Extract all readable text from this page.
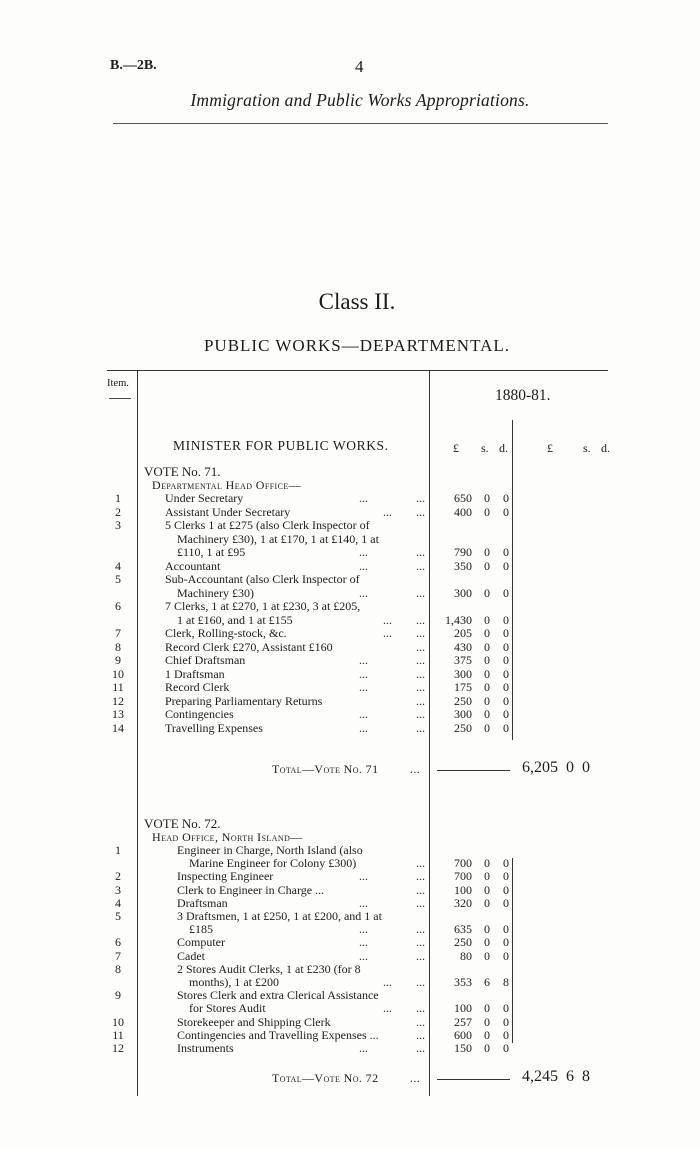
B.—2B.	4
Immigration and Public Works Appropriations.
Class II.
PUBLIC WORKS—DEPARTMENTAL.
Item.
1880-81.
MINISTER FOR PUBLIC WORKS.	£ s. d.	£	s. d.
VOTE No. 71.
Departmental Head Office—
1	Under Secretary	...                ...	650	0	0
2	Assistant Under Secretary	...        ...	400	0	0
3	5 Clerks 1 at £275 (also Clerk Inspector of
Machinery £30), 1 at £170, 1 at £140, 1 at
£110, 1 at £95	...                ...	790	0	0
4	Accountant	...                ...	350	0	0
5	Sub-Accountant (also Clerk Inspector of
Machinery £30)	...                ...	300	0	0
6	7 Clerks, 1 at £270, 1 at £230, 3 at £205,
1 at £160, and 1 at £155	...        ...	1,430	0	0
7	Clerk, Rolling-stock, &c.	...        ...	205	0	0
8	Record Clerk £270, Assistant £160	...	430	0	0
9	Chief Draftsman	...                ...	375	0	0
10	1 Draftsman	...                ...	300	0	0
11	Record Clerk	...                ...	175	0	0
12	Preparing Parliamentary Returns	...	250	0	0
13	Contingencies	...                ...	300	0	0
14	Travelling Expenses	...                ...	250	0	0
Total—Vote No. 71	...	6,205 0 0
VOTE No. 72.
Head Office, North Island—
1	Engineer in Charge, North Island (also
Marine Engineer for Colony £300)	...	700	0	0
2	Inspecting Engineer	...                ...	700	0	0
3	Clerk to Engineer in Charge ...	...	100	0	0
4	Draftsman	...                ...	320	0	0
5	3 Draftsmen, 1 at £250, 1 at £200, and 1 at
£185	...                ...	635	0	0
6	Computer	...                ...	250	0	0
7	Cadet	...                ...	80	0	0
8	2 Stores Audit Clerks, 1 at £230 (for 8
months), 1 at £200	...        ...	353	6	8
9	Stores Clerk and extra Clerical Assistance
for Stores Audit	...        ...	100	0	0
10	Storekeeper and Shipping Clerk	...	257	0	0
11	Contingencies and Travelling Expenses ...	...	600	0	0
12	Instruments	...                ...	150	0	0
Total—Vote No. 72	...	4,245 6 8
